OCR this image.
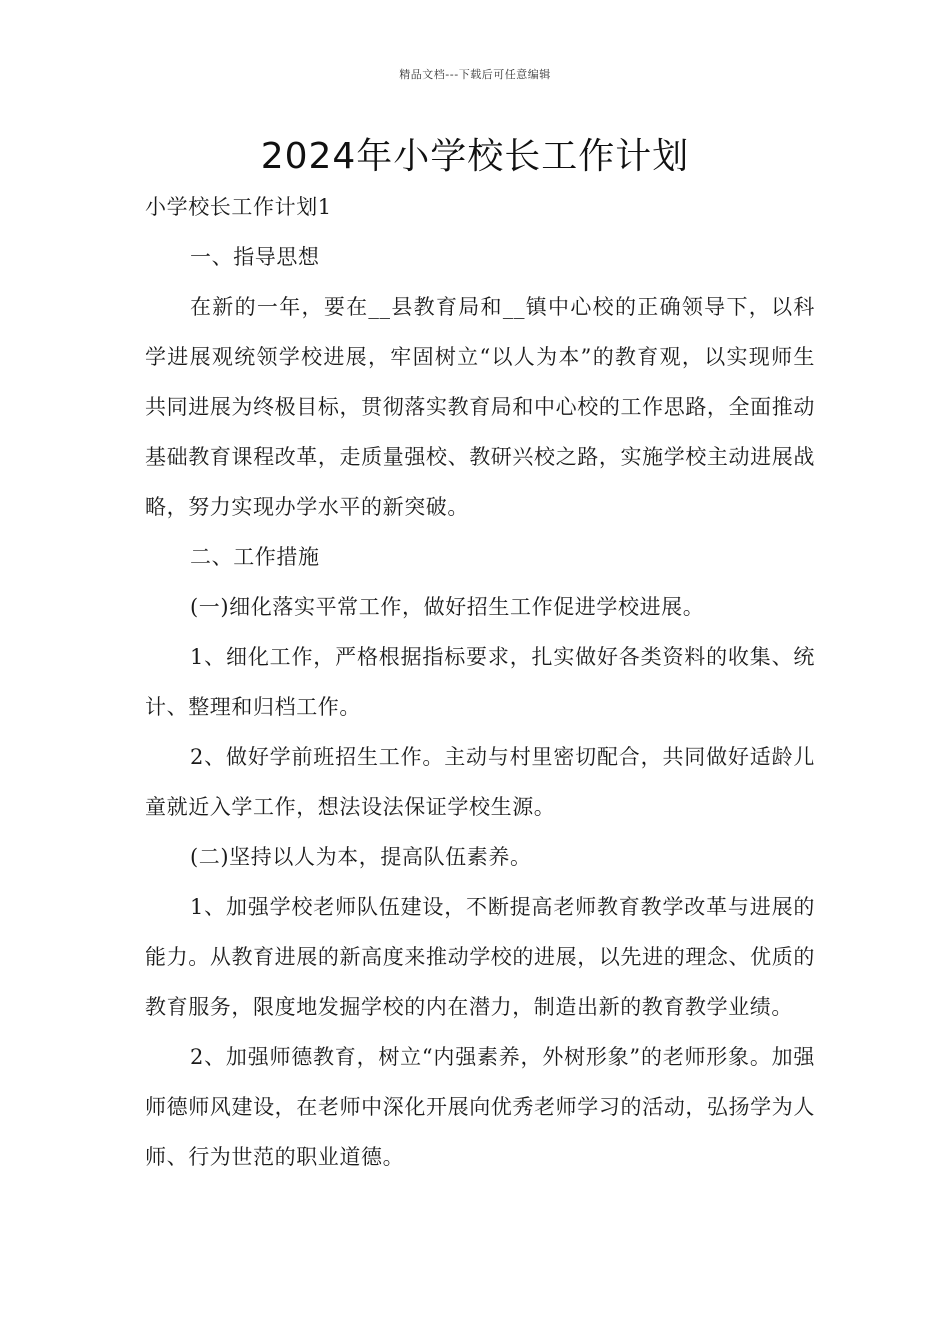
精品文档---下载后可任意编辑
2024年小学校长工作计划

小学校长工作计划1

一、指导思想

在新的一年，要在__县教育局和__镇中心校的正确领导下，以科学进展观统领学校进展，牢固树立“以人为本”的教育观，以实现师生共同进展为终极目标，贯彻落实教育局和中心校的工作思路，全面推动基础教育课程改革，走质量强校、教研兴校之路，实施学校主动进展战略，努力实现办学水平的新突破。

二、工作措施

(一)细化落实平常工作，做好招生工作促进学校进展。

1、细化工作，严格根据指标要求，扎实做好各类资料的收集、统计、整理和归档工作。

2、做好学前班招生工作。主动与村里密切配合，共同做好适龄儿童就近入学工作，想法设法保证学校生源。

(二)坚持以人为本，提高队伍素养。

1、加强学校老师队伍建设，不断提高老师教育教学改革与进展的能力。从教育进展的新高度来推动学校的进展，以先进的理念、优质的教育服务，限度地发掘学校的内在潜力，制造出新的教育教学业绩。

2、加强师德教育，树立“内强素养，外树形象”的老师形象。加强师德师风建设，在老师中深化开展向优秀老师学习的活动，弘扬学为人师、行为世范的职业道德。
